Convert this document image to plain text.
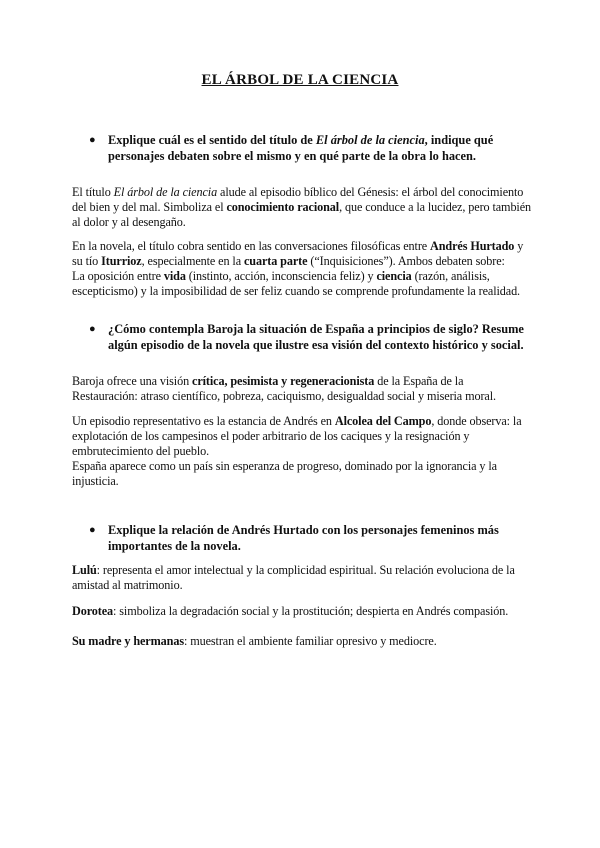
EL ÁRBOL DE LA CIENCIA
● Explique cuál es el sentido del título de El árbol de la ciencia, indique qué personajes debaten sobre el mismo y en qué parte de la obra lo hacen.
El título El árbol de la ciencia alude al episodio bíblico del Génesis: el árbol del conocimiento del bien y del mal. Simboliza el conocimiento racional, que conduce a la lucidez, pero también al dolor y al desengaño.
En la novela, el título cobra sentido en las conversaciones filosóficas entre Andrés Hurtado y su tío Iturrioz, especialmente en la cuarta parte (“Inquisiciones”). Ambos debaten sobre:
La oposición entre vida (instinto, acción, inconsciencia feliz) y ciencia (razón, análisis, escepticismo) y la imposibilidad de ser feliz cuando se comprende profundamente la realidad.
● ¿Cómo contempla Baroja la situación de España a principios de siglo? Resume algún episodio de la novela que ilustre esa visión del contexto histórico y social.
Baroja ofrece una visión crítica, pesimista y regeneracionista de la España de la Restauración: atraso científico, pobreza, caciquismo, desigualdad social y miseria moral.
Un episodio representativo es la estancia de Andrés en Alcolea del Campo, donde observa: la explotación de los campesinos el poder arbitrario de los caciques y la resignación y embrutecimiento del pueblo.
España aparece como un país sin esperanza de progreso, dominado por la ignorancia y la injusticia.
● Explique la relación de Andrés Hurtado con los personajes femeninos más importantes de la novela.
Lulú: representa el amor intelectual y la complicidad espiritual. Su relación evoluciona de la amistad al matrimonio.
Dorotea: simboliza la degradación social y la prostitución; despierta en Andrés compasión.
Su madre y hermanas: muestran el ambiente familiar opresivo y mediocre.
